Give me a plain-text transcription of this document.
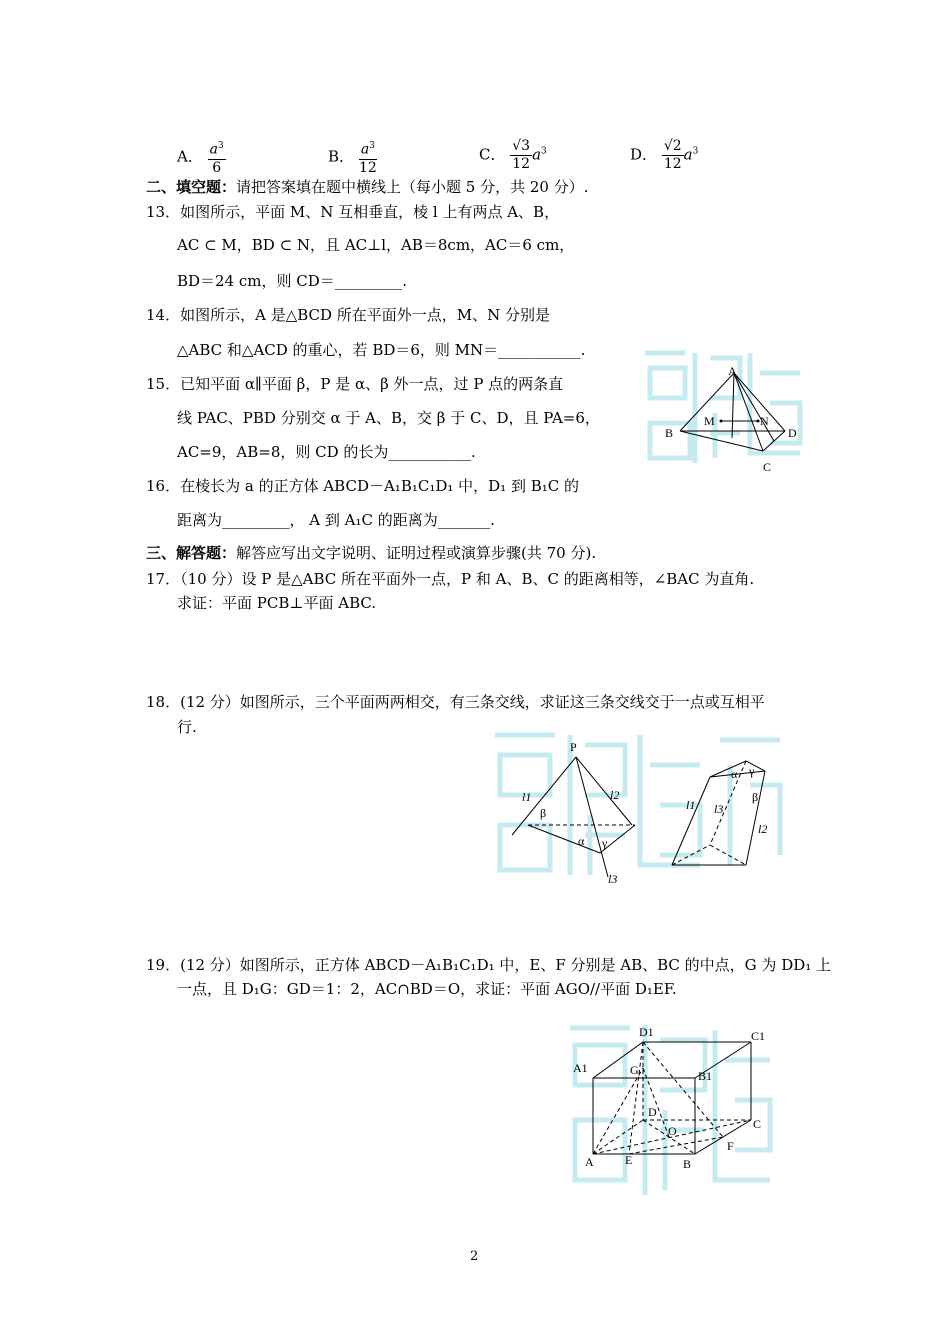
A． $\frac{a^3}{6}$	B． $\frac{a^3}{12}$	C． $\frac{√3}{12} a^3$	D． $\frac{√2}{12} a^3$
二、填空题：请把答案填在题中横线上（每小题 5 分，共 20 分）.
13．如图所示，平面 M、N 互相垂直，棱 l 上有两点 A、B，
AC ⊂ M，BD ⊂ N，且 AC⊥l，AB＝8cm，AC＝6 cm，
BD＝24 cm，则 CD＝_________.
14．如图所示，A 是△BCD 所在平面外一点，M、N 分别是
△ABC 和△ACD 的重心，若 BD＝6，则 MN＝___________.
15．已知平面 α∥平面 β，P 是 α、β 外一点，过 P 点的两条直
线 PAC、PBD 分别交 α 于 A、B，交 β 于 C、D，且 PA=6，
AC=9，AB=8，则 CD 的长为___________.
16．在棱长为 a 的正方体 ABCD－A₁B₁C₁D₁ 中，D₁ 到 B₁C 的
距离为_________， A 到 A₁C 的距离为_______.
三、解答题：解答应写出文字说明、证明过程或演算步骤(共 70 分).
17．（10 分）设 P 是△ABC 所在平面外一点，P 和 A、B、C 的距离相等，∠BAC 为直角.
求证：平面 PCB⊥平面 ABC.
18．(12 分）如图所示，三个平面两两相交，有三条交线，求证这三条交线交于一点或互相平
行.
19．(12 分）如图所示，正方体 ABCD－A₁B₁C₁D₁ 中，E、F 分别是 AB、BC 的中点，G 为 DD₁ 上
一点，且 D₁G：GD＝1：2，AC∩BD＝O，求证：平面 AGO//平面 D₁EF.
A
B
C
D
M	N
P
l1	l2
l3
β
α γ
α γ
β
l1 l3
l2
D1	C1
A1
B1
G
D
O	C
A	E	B
F
2
